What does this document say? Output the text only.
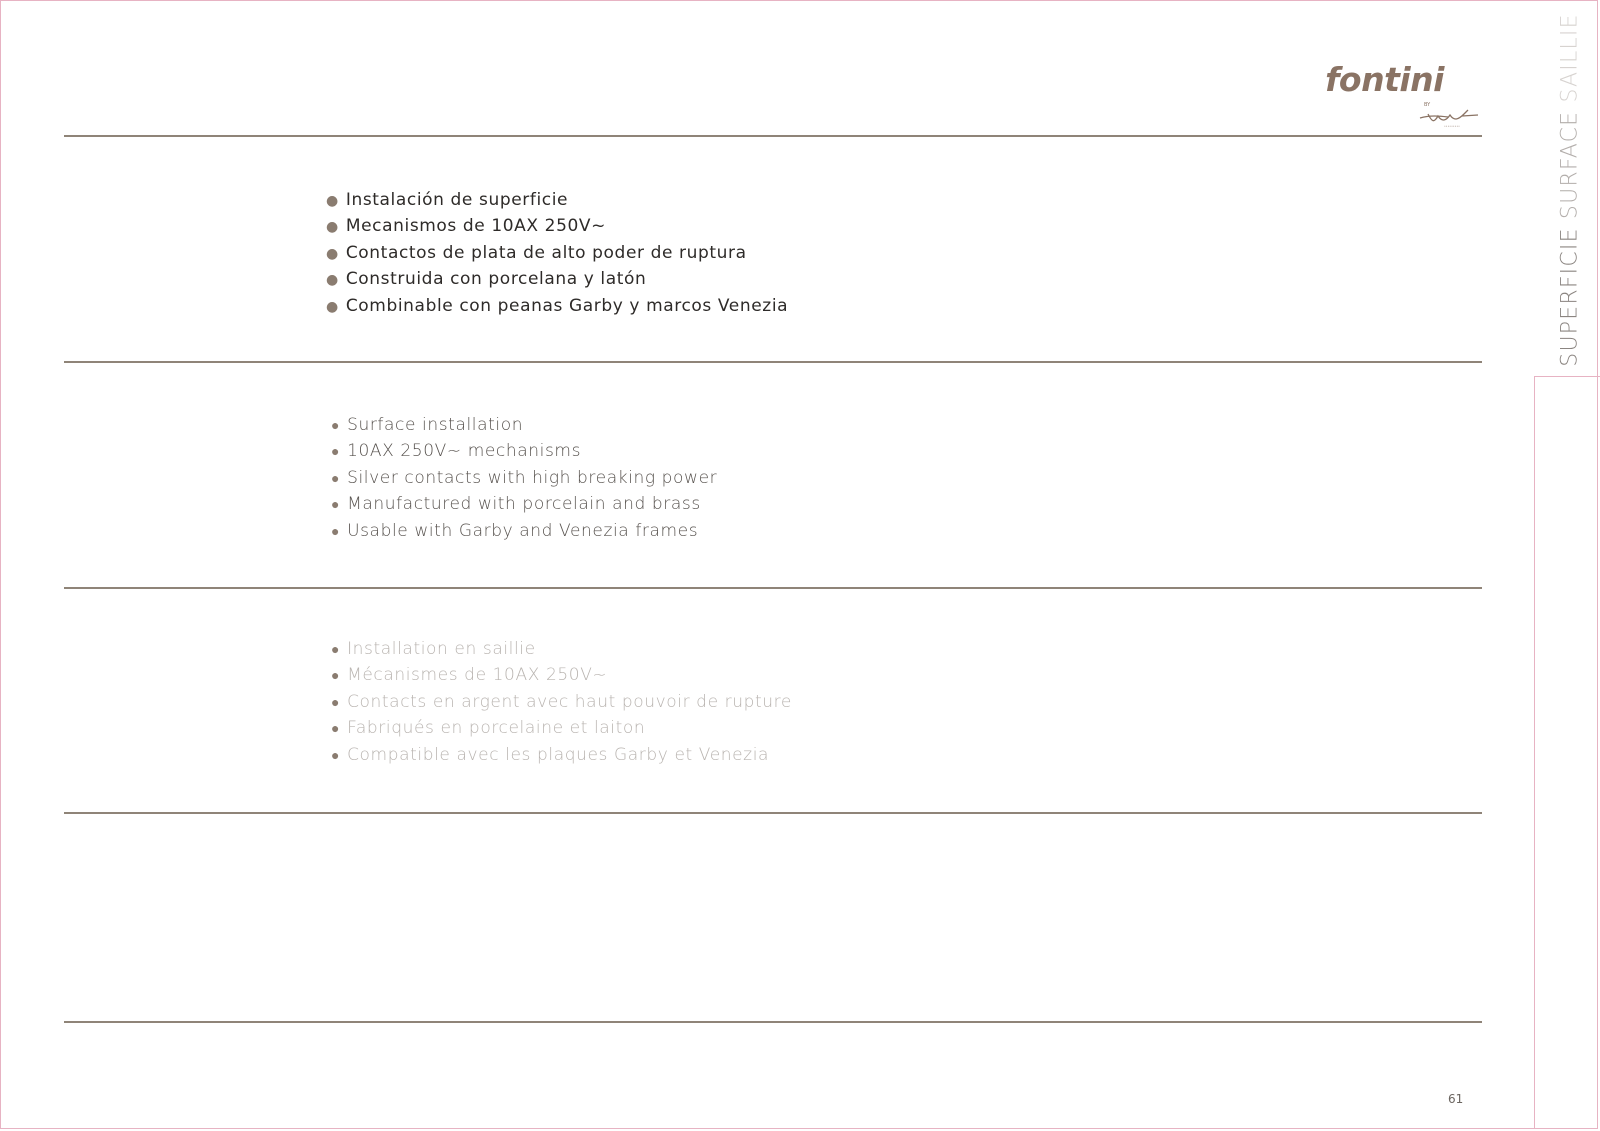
fontini
BY
•••••••••
SUPERFICIE SURFACE SAILLIE
● Instalación de superficie
● Mecanismos de 10AX 250V~
● Contactos de plata de alto poder de ruptura
● Construida con porcelana y latón
● Combinable con peanas Garby y marcos Venezia
● Surface installation
● 10AX 250V~ mechanisms
● Silver contacts with high breaking power
● Manufactured with porcelain and brass
● Usable with Garby and Venezia frames
● Installation en saillie
● Mécanismes de 10AX 250V~
● Contacts en argent avec haut pouvoir de rupture
● Fabriqués en porcelaine et laiton
● Compatible avec les plaques Garby et Venezia
61
